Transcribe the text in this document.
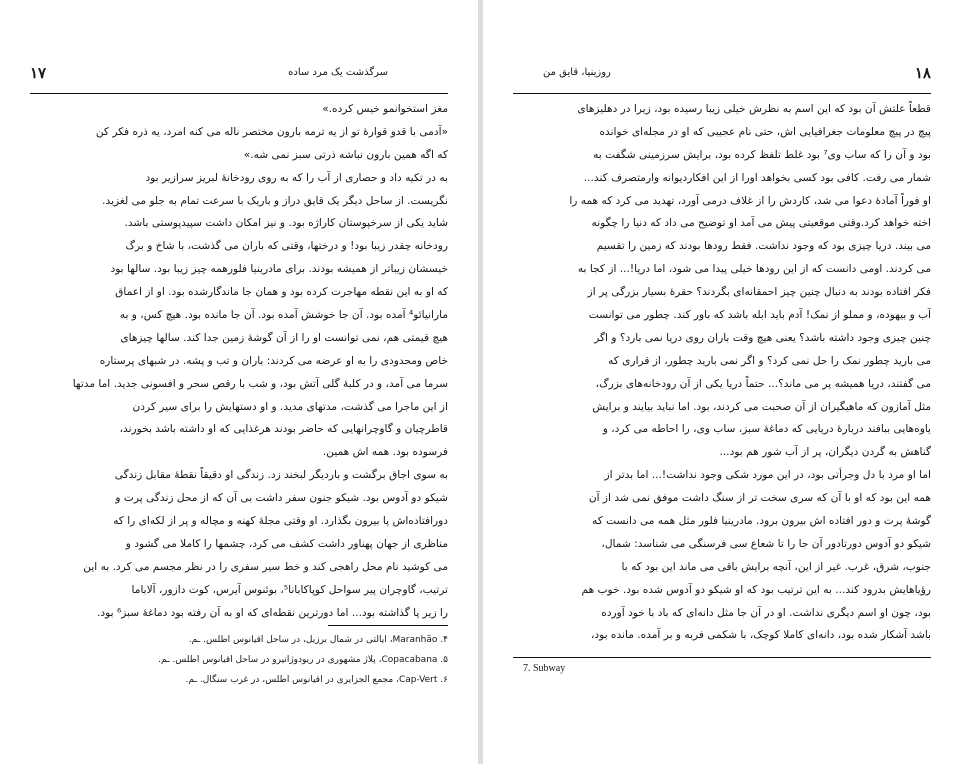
١٧	سرگذشت یک مرد ساده
مغز استخوانمو خیس کرده.»
«آدمی با قدو قواره‌ٔ تو از یه ترمه بارون مختصر ناله می کنه امرد، یه ذره فکر کن
که اگه همین بارون نباشه ذرتی سبز نمی شه.»
به در تکیه داد و حصاری از آب را که به روی رودخانهٔ لبریز سرازیر بود
نگریست. از ساحل دیگر یک قایق دراز و باریک با سرعت تمام به جلو می لغزید.
شاید یکی از سرخپوستان کاراژه بود. و نیز امکان داشت سپیدپوستی باشد.
رودخانه چقدر زیبا بود! و درختها، وقتی که باران می گذشت، با شاخ و برگ
خیسشان زیباتر از همیشه بودند. برای مادرینیا فلورهمه چیز زیبا بود. سالها بود
که او به این نقطه مهاجرت کرده بود و همان جا ماندگارشده بود. او از اعماق
مارانیائو⁴ آمده بود. آن جا خوشش آمده بود. آن جا مانده بود. هیچ کس، و به
هیچ قیمتی هم، نمی توانست او را از آن گوشهٔ زمین جدا کند. سالها چیزهای
خاص ومحدودی را به او عرضه می کردند: باران و تب و پشه. در شبهای پرستاره
سرما می آمد، و در کلبهٔ گلی آتش بود، و شب با رقص سحر و افسونی جدید. اما مدتها
از این ماجرا می گذشت، مدتهای مدید. و او دستهایش را برای سیر کردن
قاطرچیان و گاوچرانهایی که حاضر بودند هرغذایی که او داشته باشد بخورند،
فرسوده بود. همه اش همین.
به سوی اجاق برگشت و باردیگر لبخند زد. زندگی او دقیقاً نقطهٔ مقابل زندگی
شیکو دو آدوس بود. شیکو جنون سفر داشت بی آن که از محل زندگی پرت و
دورافتاده‌اش پا بیرون بگذارد. او وقتی مجلهٔ کهنه و مچاله و پر از لکه‌ای را که
مناظری از جهان پهناور داشت کشف می کرد، چشمها را کاملا می گشود و
می کوشید نام محل راهجی کند و خط سیر سفری را در نظر مجسم می کرد. به این
ترتیب، گاوچران پیر سواحل کوپاکابانا⁵، بوئنوس آیرس، کوت دازور، آلاباما
را زیر پا گذاشته بود... اما دورترین نقطه‌ای که او به آن رفته بود دماغهٔ سبز⁶ بود.
۴. Maranhão، ایالتی در شمال برزیل، در ساحل اقیانوس اطلس. ـم.
۵. Copacabana، پلاژ مشهوری در ریودوژانیرو در ساحل اقیانوس اطلس. ـم.
۶. Cap-Vert، مجمع الجزایری در اقیانوس اطلس، در غرب سنگال. ـم.
١٨
روزینیا، قایق من
قطعاً علتش آن بود که این اسم به نظرش خیلی زیبا رسیده بود، زیرا در دهلیزهای
پیچ در پیچ معلومات جغرافیایی اش، حتی نام عجیبی که او در مجله‌ای خوانده
بود و آن را که ساب وی⁷ بود غلط تلفظ کرده بود، برایش سرزمینی شگفت به
شمار می رفت. کافی بود کسی بخواهد اورا از این افکاردیوانه وارمتصرف کند...
او فوراً آمادهٔ دعوا می شد، کاردش را از غلاف درمی آورد، تهدید می کرد که همه را
اخته خواهد کرد.وقتی موقعیتی پیش می آمد او توضیح می داد که دنیا را چگونه
می بیند. دریا چیزی بود که وجود نداشت. فقط رودها بودند که زمین را تقسیم
می کردند. اومی دانست که از این رودها خیلی پیدا می شود، اما دریا!... از کجا به
فکر افتاده بودند به دنبال چنین چیز احمقانه‌ای بگردند؟ حقرهٔ بسیار بزرگی پر از
آب و بیهوده، و مملو از نمک! آدم باید ابله باشد که باور کند. چطور می توانست
چنین چیزی وجود داشته باشد؟ یعنی هیچ وقت باران روی دریا نمی بارد؟ و اگر
می بارید چطور نمک را حل نمی کرد؟ و اگر نمی بارید چطور، از قراری که
می گفتند، دریا همیشه پر می ماند؟... حتماً دریا یکی از آن رودخانه‌های بزرگ،
مثل آمازون که ماهیگیران از آن صحبت می کردند، بود. اما نباید بیایند و برایش
یاوه‌هایی ببافند دربارهٔ دریایی که دماغهٔ سبز، ساب وی، را احاطه می کرد، و
گناهش به گردن دیگران، پر از آب شور هم بود...
اما او مرد با دل وجرأتی بود، در این مورد شکی وجود نداشت!... اما بدتر از
همه این بود که او با آن که سری سخت تر از سنگ داشت موفق نمی شد از آن
گوشهٔ پرت و دور افتاده اش بیرون برود. مادرینیا فلور مثل همه می دانست که
شیکو دو آدوس دورتادور آن جا را تا شعاع سی فرسنگی می شناسد: شمال،
جنوب، شرق، غرب. غیر از این، آنچه برایش باقی می ماند این بود که با
رؤیاهایش بدرود کند... به این ترتیب بود که او شیکو دو آدوس شده بود. خوب هم
بود، چون او اسم دیگری نداشت. او در آن جا مثل دانه‌ای که باد با خود آورده
باشد آشکار شده بود، دانه‌ای کاملا کوچک، با شکمی فربه و بر آمده. مانده بود،
7. Subway
